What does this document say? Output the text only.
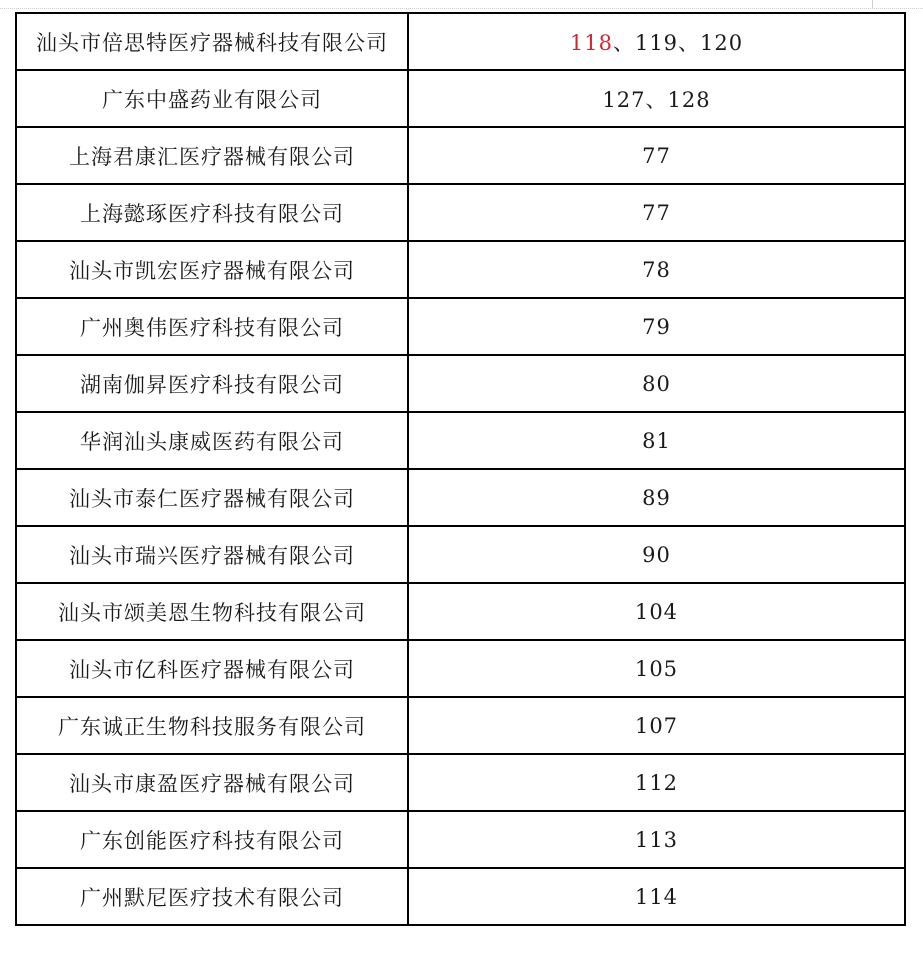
汕头市倍思特医疗器械科技有限公司	118、119、120
广东中盛药业有限公司	127、128
上海君康汇医疗器械有限公司	77
上海懿琢医疗科技有限公司	77
汕头市凯宏医疗器械有限公司	78
广州奥伟医疗科技有限公司	79
湖南伽昇医疗科技有限公司	80
华润汕头康威医药有限公司	81
汕头市泰仁医疗器械有限公司	89
汕头市瑞兴医疗器械有限公司	90
汕头市颂美恩生物科技有限公司	104
汕头市亿科医疗器械有限公司	105
广东诚正生物科技服务有限公司	107
汕头市康盈医疗器械有限公司	112
广东创能医疗科技有限公司	113
广州默尼医疗技术有限公司	114
